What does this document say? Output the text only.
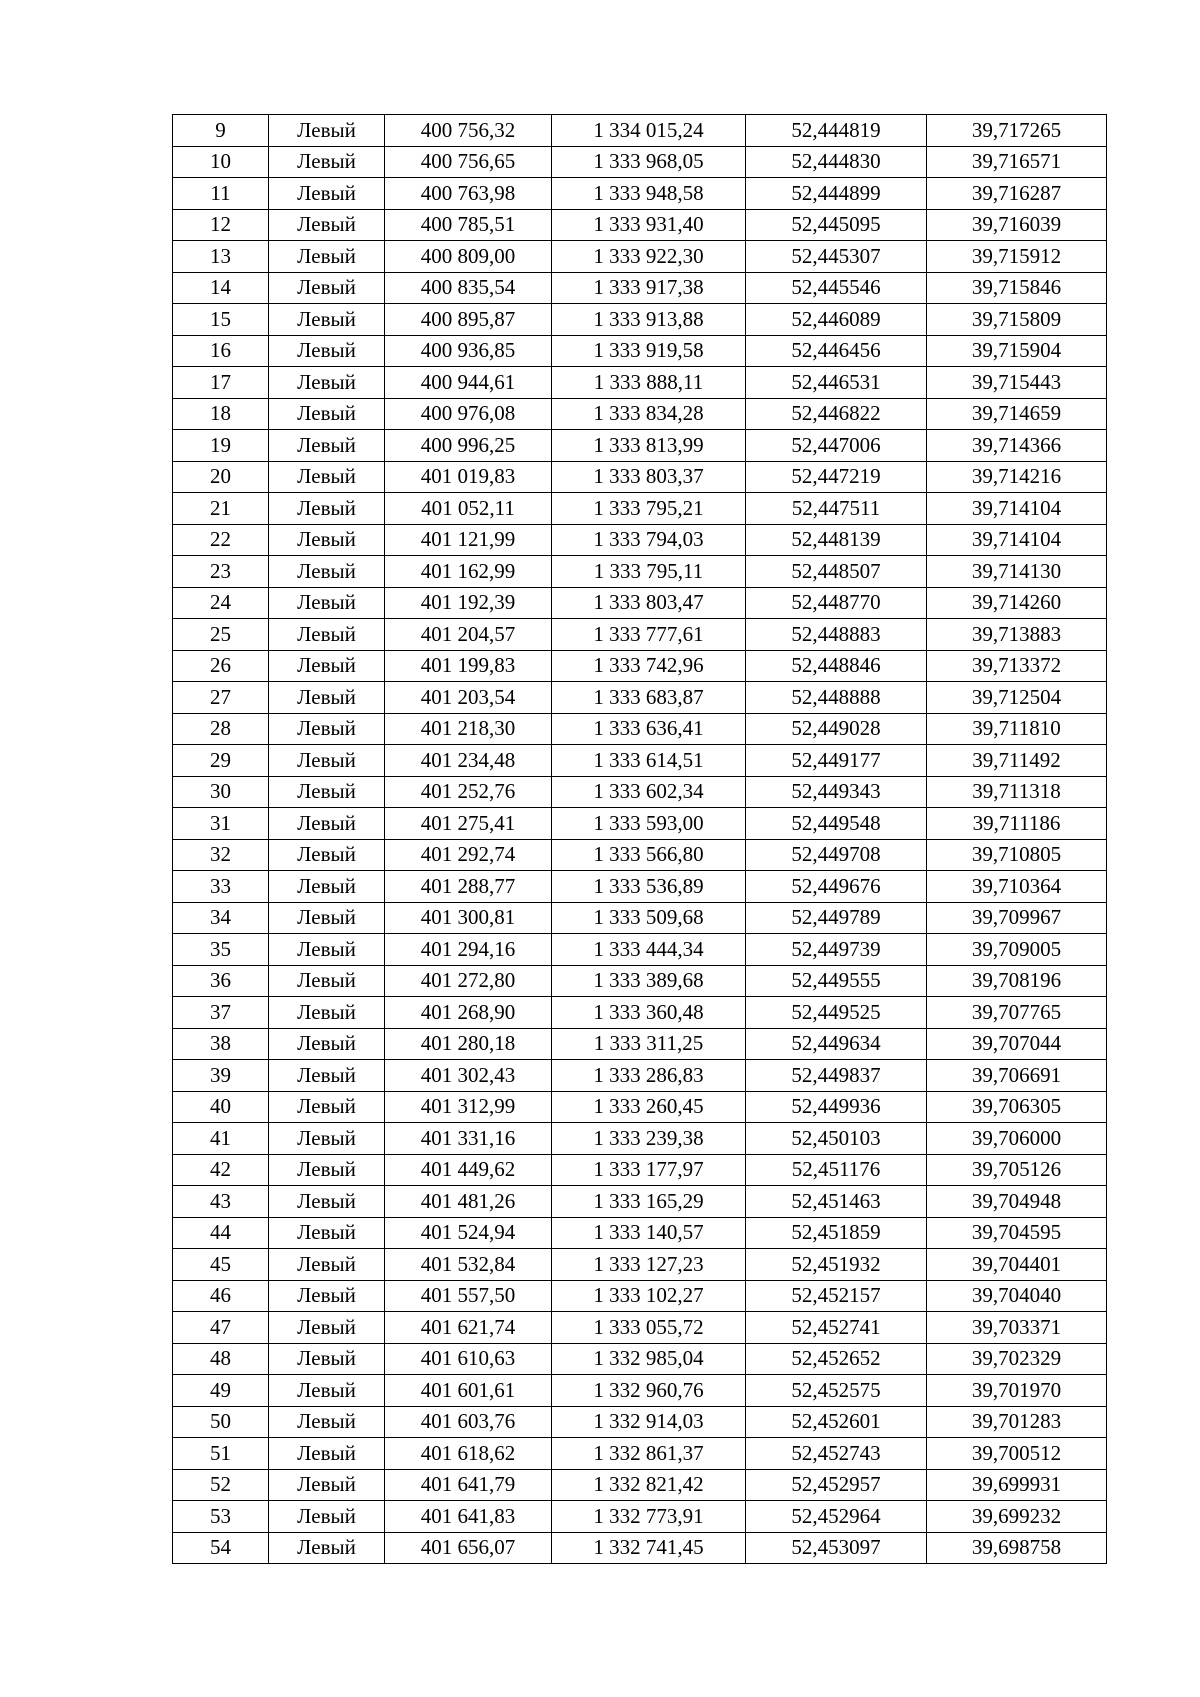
9	Левый	400 756,32	1 334 015,24	52,444819	39,717265
10	Левый	400 756,65	1 333 968,05	52,444830	39,716571
11	Левый	400 763,98	1 333 948,58	52,444899	39,716287
12	Левый	400 785,51	1 333 931,40	52,445095	39,716039
13	Левый	400 809,00	1 333 922,30	52,445307	39,715912
14	Левый	400 835,54	1 333 917,38	52,445546	39,715846
15	Левый	400 895,87	1 333 913,88	52,446089	39,715809
16	Левый	400 936,85	1 333 919,58	52,446456	39,715904
17	Левый	400 944,61	1 333 888,11	52,446531	39,715443
18	Левый	400 976,08	1 333 834,28	52,446822	39,714659
19	Левый	400 996,25	1 333 813,99	52,447006	39,714366
20	Левый	401 019,83	1 333 803,37	52,447219	39,714216
21	Левый	401 052,11	1 333 795,21	52,447511	39,714104
22	Левый	401 121,99	1 333 794,03	52,448139	39,714104
23	Левый	401 162,99	1 333 795,11	52,448507	39,714130
24	Левый	401 192,39	1 333 803,47	52,448770	39,714260
25	Левый	401 204,57	1 333 777,61	52,448883	39,713883
26	Левый	401 199,83	1 333 742,96	52,448846	39,713372
27	Левый	401 203,54	1 333 683,87	52,448888	39,712504
28	Левый	401 218,30	1 333 636,41	52,449028	39,711810
29	Левый	401 234,48	1 333 614,51	52,449177	39,711492
30	Левый	401 252,76	1 333 602,34	52,449343	39,711318
31	Левый	401 275,41	1 333 593,00	52,449548	39,711186
32	Левый	401 292,74	1 333 566,80	52,449708	39,710805
33	Левый	401 288,77	1 333 536,89	52,449676	39,710364
34	Левый	401 300,81	1 333 509,68	52,449789	39,709967
35	Левый	401 294,16	1 333 444,34	52,449739	39,709005
36	Левый	401 272,80	1 333 389,68	52,449555	39,708196
37	Левый	401 268,90	1 333 360,48	52,449525	39,707765
38	Левый	401 280,18	1 333 311,25	52,449634	39,707044
39	Левый	401 302,43	1 333 286,83	52,449837	39,706691
40	Левый	401 312,99	1 333 260,45	52,449936	39,706305
41	Левый	401 331,16	1 333 239,38	52,450103	39,706000
42	Левый	401 449,62	1 333 177,97	52,451176	39,705126
43	Левый	401 481,26	1 333 165,29	52,451463	39,704948
44	Левый	401 524,94	1 333 140,57	52,451859	39,704595
45	Левый	401 532,84	1 333 127,23	52,451932	39,704401
46	Левый	401 557,50	1 333 102,27	52,452157	39,704040
47	Левый	401 621,74	1 333 055,72	52,452741	39,703371
48	Левый	401 610,63	1 332 985,04	52,452652	39,702329
49	Левый	401 601,61	1 332 960,76	52,452575	39,701970
50	Левый	401 603,76	1 332 914,03	52,452601	39,701283
51	Левый	401 618,62	1 332 861,37	52,452743	39,700512
52	Левый	401 641,79	1 332 821,42	52,452957	39,699931
53	Левый	401 641,83	1 332 773,91	52,452964	39,699232
54	Левый	401 656,07	1 332 741,45	52,453097	39,698758
